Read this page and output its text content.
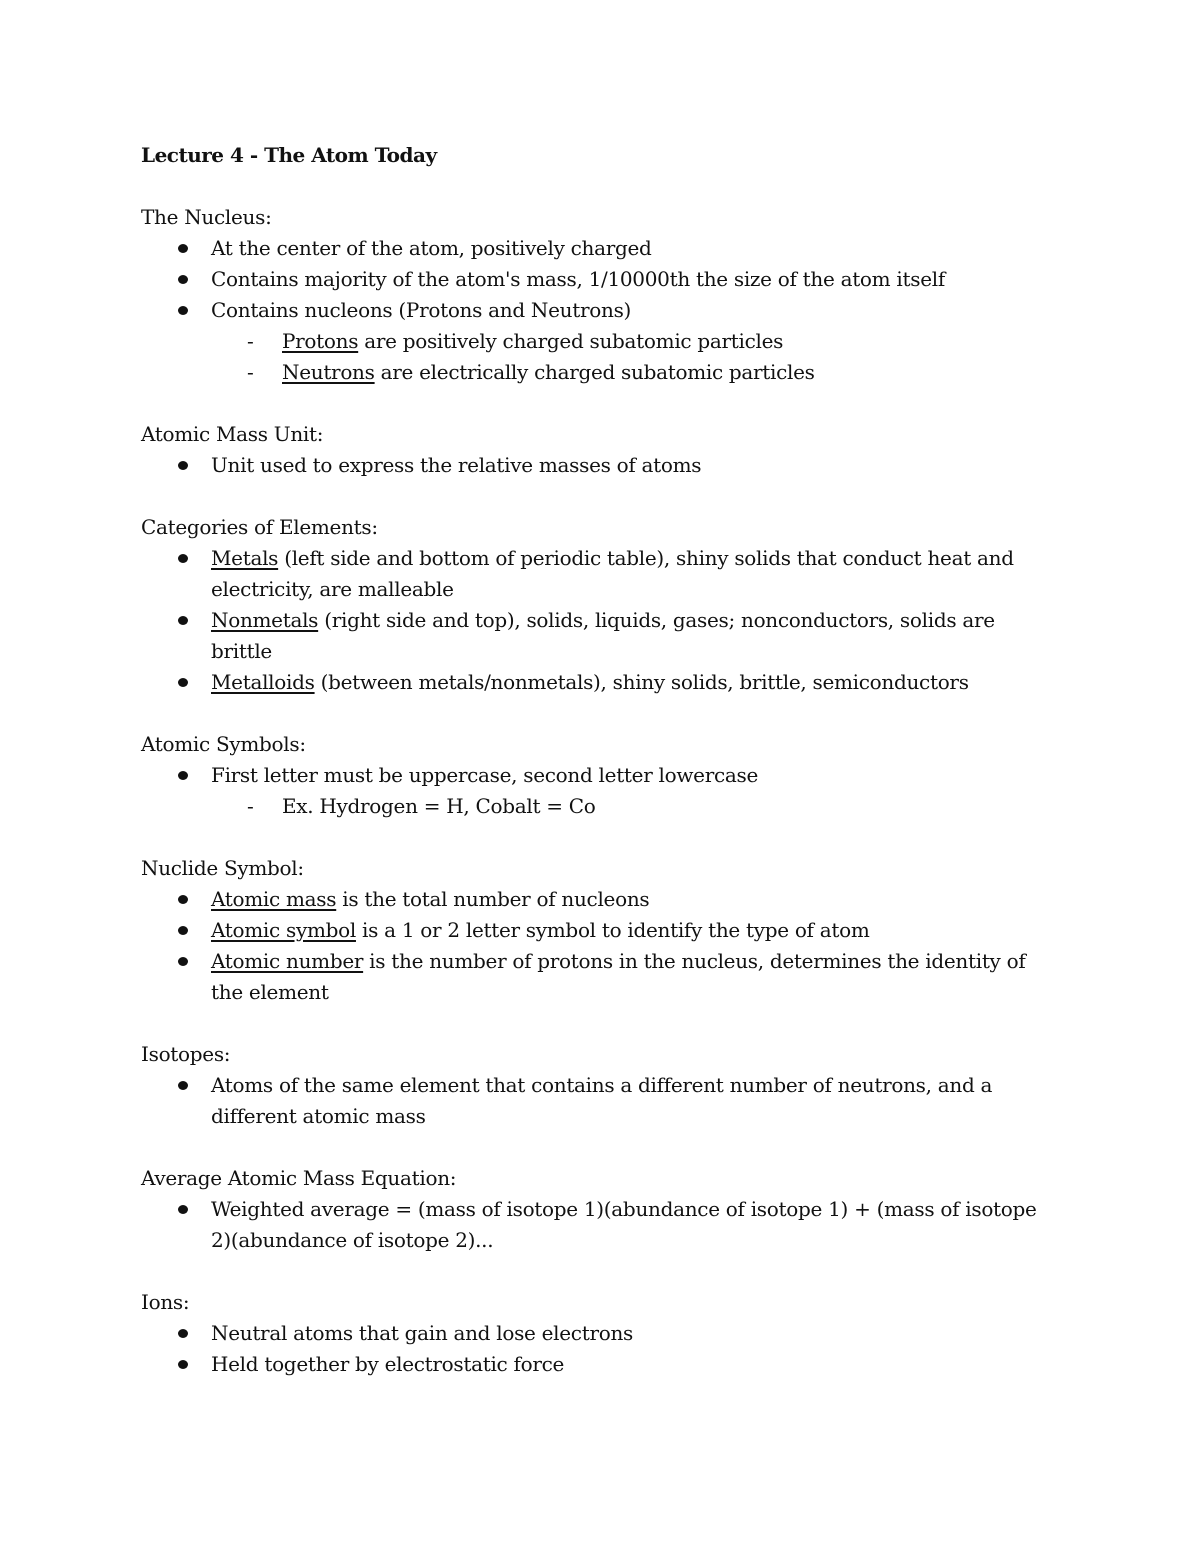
Lecture 4 - The Atom Today

The Nucleus:

At the center of the atom, positively charged
Contains majority of the atom's mass, 1/10000th the size of the atom itself
Contains nucleons (Protons and Neutrons)
- Protons are positively charged subatomic particles
- Neutrons are electrically charged subatomic particles

Atomic Mass Unit:

Unit used to express the relative masses of atoms

Categories of Elements:

Metals (left side and bottom of periodic table), shiny solids that conduct heat and electricity, are malleable
Nonmetals (right side and top), solids, liquids, gases; nonconductors, solids are brittle
Metalloids (between metals/nonmetals), shiny solids, brittle, semiconductors

Atomic Symbols:

First letter must be uppercase, second letter lowercase
- Ex. Hydrogen = H, Cobalt = Co

Nuclide Symbol:

Atomic mass is the total number of nucleons
Atomic symbol is a 1 or 2 letter symbol to identify the type of atom
Atomic number is the number of protons in the nucleus, determines the identity of the element

Isotopes:

Atoms of the same element that contains a different number of neutrons, and a different atomic mass

Average Atomic Mass Equation:

Weighted average = (mass of isotope 1)(abundance of isotope 1) + (mass of isotope 2)(abundance of isotope 2)...

Ions:

Neutral atoms that gain and lose electrons
Held together by electrostatic force
